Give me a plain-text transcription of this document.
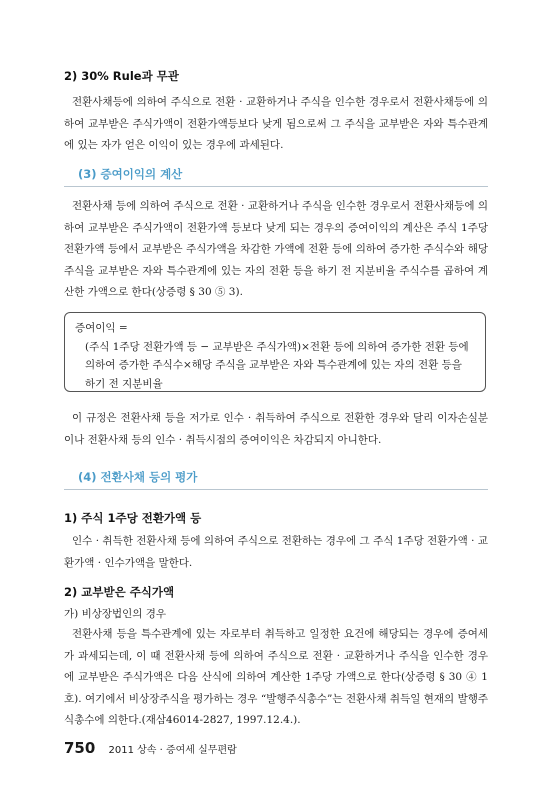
2) 30% Rule과 무관

전환사채등에 의하여 주식으로 전환 · 교환하거나 주식을 인수한 경우로서 전환사채등에 의하여 교부받은 주식가액이 전환가액등보다 낮게 됨으로써 그 주식을 교부받은 자와 특수관계에 있는 자가 얻은 이익이 있는 경우에 과세된다.

(3) 증여이익의 계산

전환사채 등에 의하여 주식으로 전환 · 교환하거나 주식을 인수한 경우로서 전환사채등에 의하여 교부받은 주식가액이 전환가액 등보다 낮게 되는 경우의 증여이익의 계산은 주식 1주당 전환가액 등에서 교부받은 주식가액을 차감한 가액에 전환 등에 의하여 증가한 주식수와 해당 주식을 교부받은 자와 특수관계에 있는 자의 전환 등을 하기 전 지분비율 주식수를 곱하여 계산한 가액으로 한다(상증령 § 30 ⑤ 3).

증여이익 =

(주식 1주당 전환가액 등 − 교부받은 주식가액)×전환 등에 의하여 증가한 전환 등에 의하여 증가한 주식수×해당 주식을 교부받은 자와 특수관계에 있는 자의 전환 등을 하기 전 지분비율

이 규정은 전환사채 등을 저가로 인수 · 취득하여 주식으로 전환한 경우와 달리 이자손실분이나 전환사채 등의 인수 · 취득시점의 증여이익은 차감되지 아니한다.

(4) 전환사채 등의 평가
1) 주식 1주당 전환가액 등

인수 · 취득한 전환사채 등에 의하여 주식으로 전환하는 경우에 그 주식 1주당 전환가액 · 교환가액 · 인수가액을 말한다.

2) 교부받은 주식가액
가) 비상장법인의 경우

전환사채 등을 특수관계에 있는 자로부터 취득하고 일정한 요건에 해당되는 경우에 증여세가 과세되는데, 이 때 전환사채 등에 의하여 주식으로 전환 · 교환하거나 주식을 인수한 경우에 교부받은 주식가액은 다음 산식에 의하여 계산한 1주당 가액으로 한다(상증령 § 30 ④ 1호). 여기에서 비상장주식을 평가하는 경우 “발행주식총수”는 전환사채 취득일 현재의 발행주식총수에 의한다.(재삼46014-2827, 1997.12.4.).

750 2011 상속 · 증여세 실무편람
